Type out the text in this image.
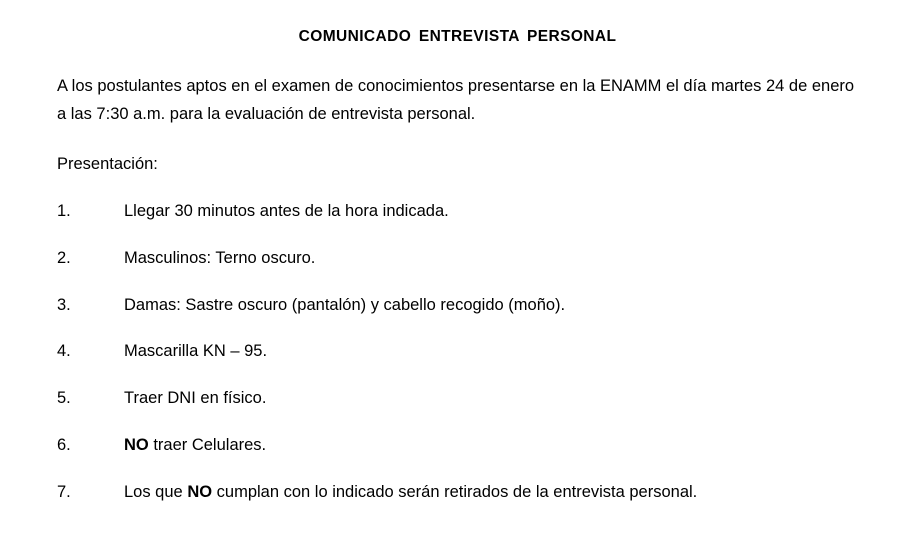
COMUNICADO ENTREVISTA PERSONAL

A los postulantes aptos en el examen de conocimientos presentarse en la ENAMM el día martes 24 de enero a las 7:30 a.m. para la evaluación de entrevista personal.

Presentación:

1.	Llegar 30 minutos antes de la hora indicada.
2.	Masculinos: Terno oscuro.
3.	Damas: Sastre oscuro (pantalón) y cabello recogido (moño).
4.	Mascarilla KN – 95.
5.	Traer DNI en físico.
6.	NO traer Celulares.
7.	Los que NO cumplan con lo indicado serán retirados de la entrevista personal.
